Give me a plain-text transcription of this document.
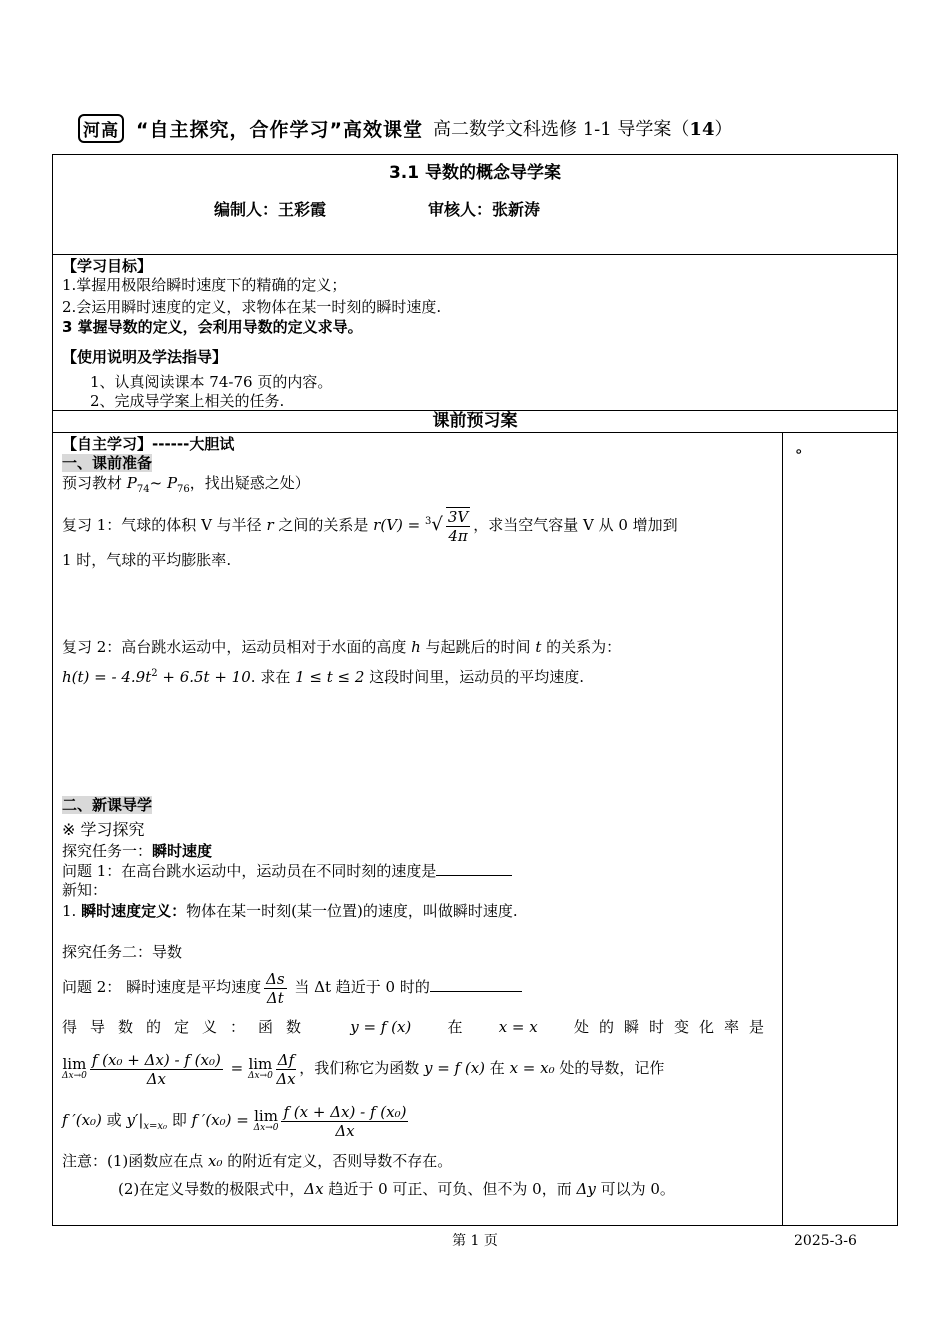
河高 “自主探究，合作学习”高效课堂 高二数学文科选修 1-1 导学案（14）
3.1 导数的概念导学案
编制人：王彩霞	审核人：张新涛
【学习目标】
1.掌握用极限给瞬时速度下的精确的定义；
2.会运用瞬时速度的定义，求物体在某一时刻的瞬时速度.
3 掌握导数的定义，会利用导数的定义求导。
【使用说明及学法指导】
1、认真阅读课本 74-76 页的内容。
2、完成导学案上相关的任务.
课前预习案
。
【自主学习】------大胆试
一、课前准备
预习教材 $P_{74}\sim$ $P_{76}$，找出疑惑之处）
复习 1：气球的体积 V 与半径 r 之间的关系是 $r(V) = ^3√ \frac{3V}{4\pi}$ ，求当空气容量 V 从 0 增加到
1 时，气球的平均膨胀率.
复习 2：高台跳水运动中，运动员相对于水面的高度 h 与起跳后的时间 t 的关系为：
h(t) = - $4.9t^2 + 6.5t + 10$. 求在 1 ≤ t ≤ 2 这段时间里，运动员的平均速度.
二、新课导学
※ 学习探究
探究任务一：瞬时速度
问题 1：在高台跳水运动中，运动员在不同时刻的速度是
新知：
1. 瞬时速度定义：物体在某一时刻(某一位置)的速度，叫做瞬时速度.
探究任务二：导数
问题 2： 瞬时速度是平均速度 $\frac{\Delta s}{\Delta t}$ 当 Δt 趋近于 0 时的
得导数的定义：函数 y = f (x) 在 x = x 处的瞬时变化率是
lim
$\Delta x\to 0 \frac{\text{f (x₀ + Δx) - f (x₀)}}{\Delta x} = \lim$
$\Delta x\to 0 \frac{\Delta f}{\Delta x}$ ，我们称它为函数 y = f (x) 在 x = x₀ 处的导数，记作
f ′(x₀) 或 $y'|_{x=x_0}$ 即 f ′(x₀) = lim
$\Delta x\to 0 \frac{\text{f (x + Δx) - f (x₀)}}{\Delta x}$
注意：(1)函数应在点 x₀ 的附近有定义，否则导数不存在。
(2)在定义导数的极限式中，Δx 趋近于 0 可正、可负、但不为 0，而 Δy 可以为 0。
第 1 页	2025-3-6
